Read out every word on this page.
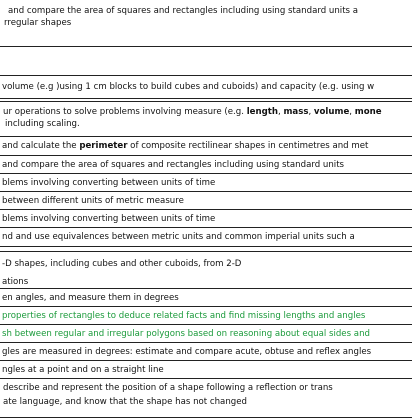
and compare the area of squares and rectangles including using standard units a
rregular shapes
volume (e.g )using 1 cm blocks to build cubes and cuboids) and capacity (e.g. using w
ur operations to solve problems involving measure (e.g. length, mass, volume, mone
including scaling.
and calculate the perimeter of composite rectilinear shapes in centimetres and met
and compare the area of squares and rectangles including using standard units
blems involving converting between units of time
between different units of metric measure
blems involving converting between units of time
nd and use equivalences between metric units and common imperial units such a
-D shapes, including cubes and other cuboids, from 2-D
ations
en angles, and measure them in degrees
properties of rectangles to deduce related facts and find missing lengths and angles
sh between regular and irregular polygons based on reasoning about equal sides and
gles are measured in degrees: estimate and compare acute, obtuse and reflex angles
ngles at a point and on a straight line
describe and represent the position of a shape following a reflection or trans
ate language, and know that the shape has not changed
